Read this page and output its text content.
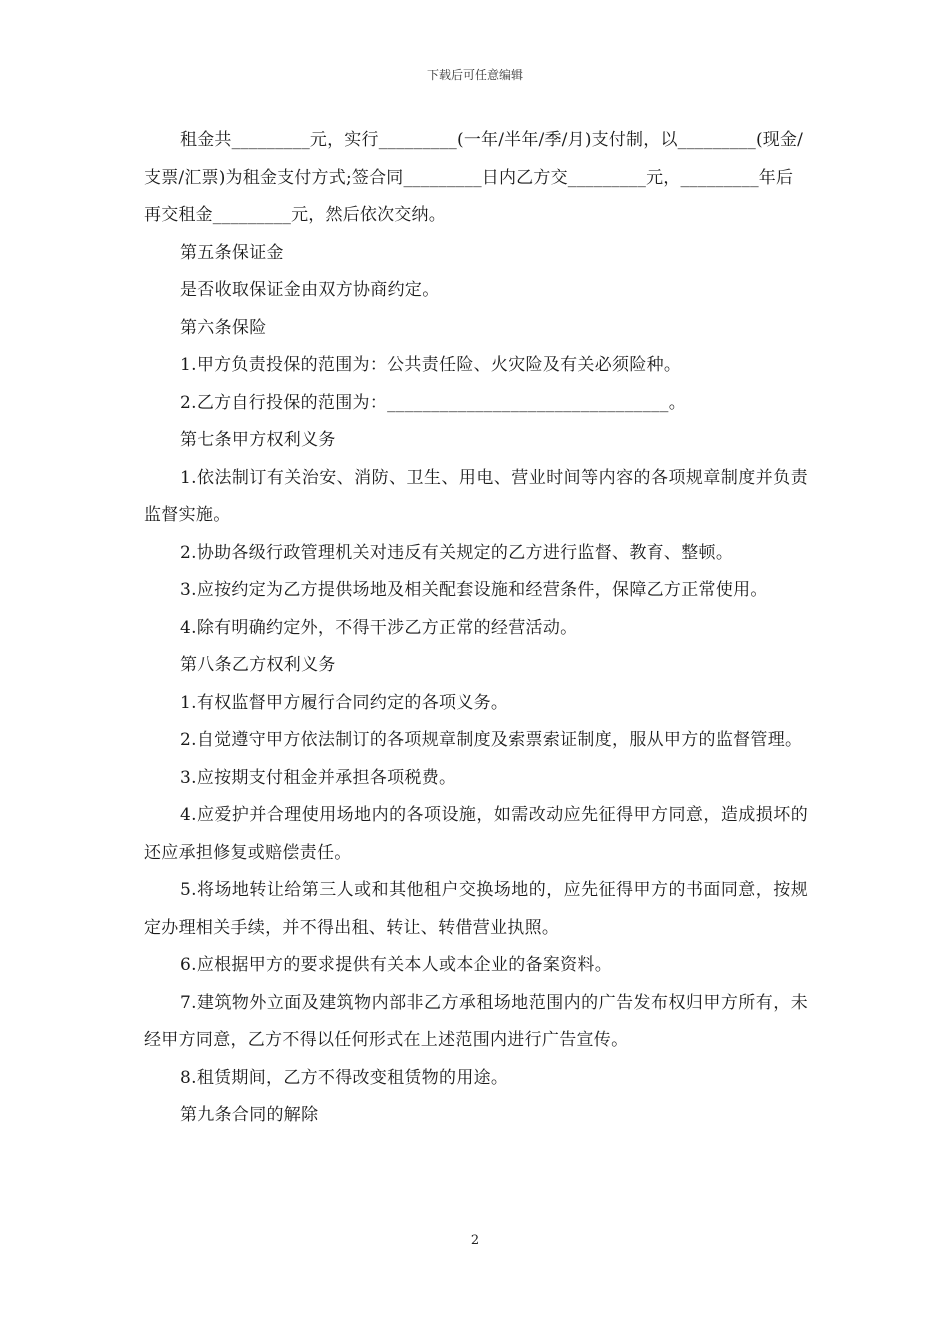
下载后可任意编辑

租金共_________元，实行_________(一年/半年/季/月)支付制，以_________(现金/支票/汇票)为租金支付方式;签合同_________日内乙方交_________元，_________年后再交租金_________元，然后依次交纳。

第五条保证金

是否收取保证金由双方协商约定。

第六条保险

1.甲方负责投保的范围为：公共责任险、火灾险及有关必须险种。

2.乙方自行投保的范围为：________________________________。

第七条甲方权利义务

1.依法制订有关治安、消防、卫生、用电、营业时间等内容的各项规章制度并负责监督实施。

2.协助各级行政管理机关对违反有关规定的乙方进行监督、教育、整顿。

3.应按约定为乙方提供场地及相关配套设施和经营条件，保障乙方正常使用。

4.除有明确约定外，不得干涉乙方正常的经营活动。

第八条乙方权利义务

1.有权监督甲方履行合同约定的各项义务。

2.自觉遵守甲方依法制订的各项规章制度及索票索证制度，服从甲方的监督管理。

3.应按期支付租金并承担各项税费。

4.应爱护并合理使用场地内的各项设施，如需改动应先征得甲方同意，造成损坏的还应承担修复或赔偿责任。

5.将场地转让给第三人或和其他租户交换场地的，应先征得甲方的书面同意，按规定办理相关手续，并不得出租、转让、转借营业执照。

6.应根据甲方的要求提供有关本人或本企业的备案资料。

7.建筑物外立面及建筑物内部非乙方承租场地范围内的广告发布权归甲方所有，未经甲方同意，乙方不得以任何形式在上述范围内进行广告宣传。

8.租赁期间，乙方不得改变租赁物的用途。

第九条合同的解除

2
